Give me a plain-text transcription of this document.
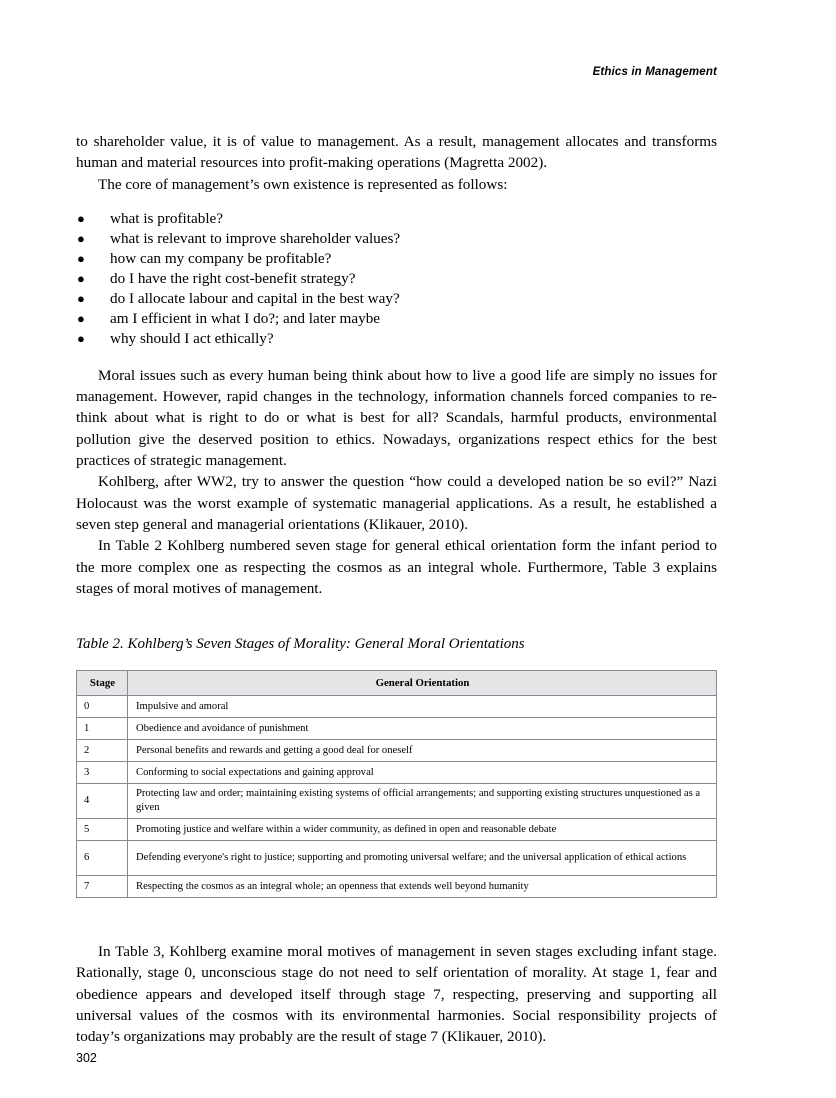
Ethics in Management

to shareholder value, it is of value to management. As a result, management allocates and transforms human and material resources into profit-making operations (Magretta 2002).

The core of management’s own existence is represented as follows:

● what is profitable?
● what is relevant to improve shareholder values?
● how can my company be profitable?
● do I have the right cost-benefit strategy?
● do I allocate labour and capital in the best way?
● am I efficient in what I do?; and later maybe
● why should I act ethically?

Moral issues such as every human being think about how to live a good life are simply no issues for management. However, rapid changes in the technology, information channels forced companies to re-think about what is right to do or what is best for all? Scandals, harmful products, environmental pollution give the deserved position to ethics. Nowadays, organizations respect ethics for the best practices of strategic management.

Kohlberg, after WW2, try to answer the question “how could a developed nation be so evil?” Nazi Holocaust was the worst example of systematic managerial applications. As a result, he established a seven step general and managerial orientations (Klikauer, 2010).

In Table 2 Kohlberg numbered seven stage for general ethical orientation form the infant period to the more complex one as respecting the cosmos as an integral whole. Furthermore, Table 3 explains stages of moral motives of management.

Table 2. Kohlberg’s Seven Stages of Morality: General Moral Orientations

Stage	General Orientation
0	Impulsive and amoral
1	Obedience and avoidance of punishment
2	Personal benefits and rewards and getting a good deal for oneself
3	Conforming to social expectations and gaining approval
4	Protecting law and order; maintaining existing systems of official arrangements; and supporting existing structures unquestioned as a given
5	Promoting justice and welfare within a wider community, as defined in open and reasonable debate
6	Defending everyone's right to justice; supporting and promoting universal welfare; and the universal application of ethical actions
7	Respecting the cosmos as an integral whole; an openness that extends well beyond humanity

In Table 3, Kohlberg examine moral motives of management in seven stages excluding infant stage. Rationally, stage 0, unconscious stage do not need to self orientation of morality. At stage 1, fear and obedience appears and developed itself through stage 7, respecting, preserving and supporting all universal values of the cosmos with its environmental harmonies. Social responsibility projects of today’s organizations may probably are the result of stage 7 (Klikauer, 2010).

302
